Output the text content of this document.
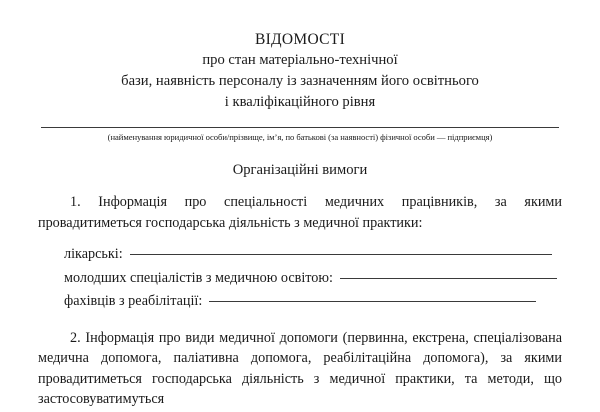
ВІДОМОСТІ
про стан матеріально-технічної
бази, наявність персоналу із зазначенням його освітнього
і кваліфікаційного рівня
(найменування юридичної особи/прізвище, ім’я, по батькові (за наявності) фізичної особи — підприємця)
Організаційні вимоги
1. Інформація про спеціальності медичних працівників, за якими провадитиметься господарська діяльність з медичної практики:
лікарські:
молодших спеціалістів з медичною освітою:
фахівців з реабілітації:
2. Інформація про види медичної допомоги (первинна, екстрена, спеціалізована медична допомога, паліативна допомога, реабілітаційна допомога), за якими провадитиметься господарська діяльність з медичної практики, та методи, що застосовуватимуться
